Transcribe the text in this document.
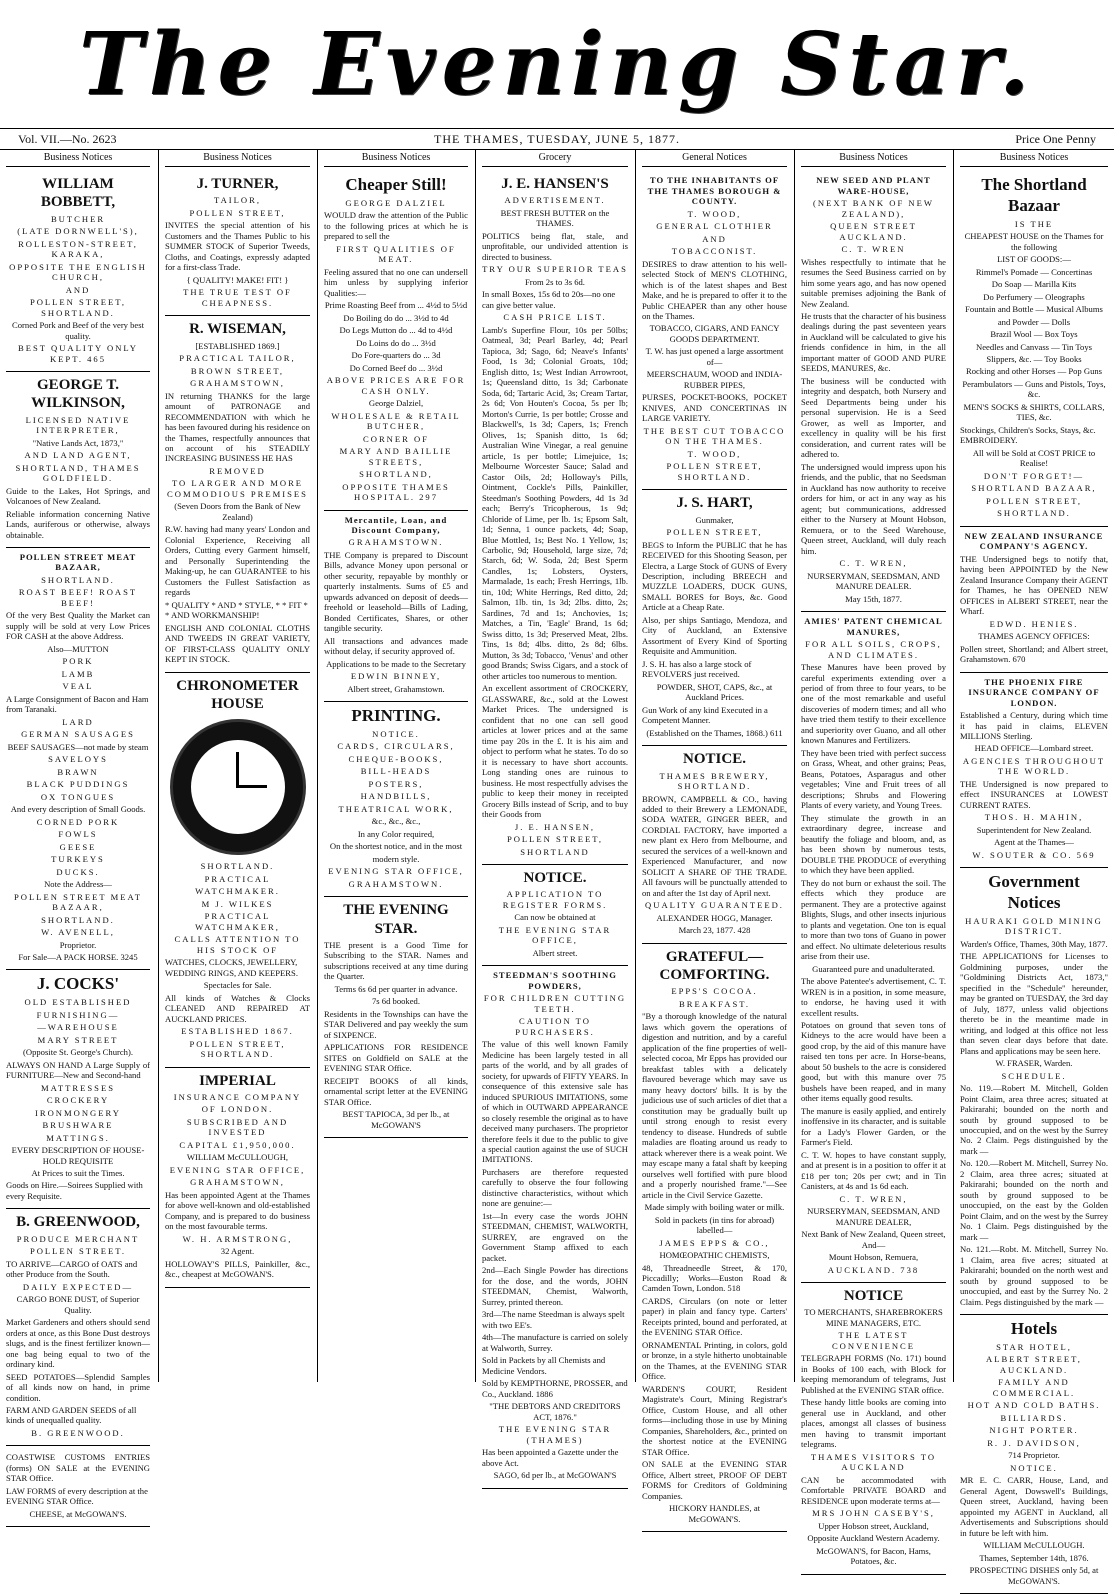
The Evening Star.
Vol. VII.—No. 2623	THE THAMES, TUESDAY, JUNE 5, 1877.	Price One Penny
Business Notices
WILLIAM BOBBETT,

BUTCHER

(LATE DORNWELL'S),

ROLLESTON-STREET, KARAKA,

OPPOSITE THE ENGLISH CHURCH,

AND

POLLEN STREET, SHORTLAND.

Corned Pork and Beef of the very best quality.

BEST QUALITY ONLY KEPT. 465

GEORGE T. WILKINSON,

LICENSED NATIVE INTERPRETER,

"Native Lands Act, 1873,"

AND LAND AGENT,

SHORTLAND, THAMES GOLDFIELD.

Guide to the Lakes, Hot Springs, and Volcanoes of New Zealand.

Reliable information concerning Native Lands, auriferous or otherwise, always obtainable.

POLLEN STREET MEAT BAZAAR,

SHORTLAND.

ROAST BEEF! ROAST BEEF!

Of the very Best Quality the Market can supply will be sold at very Low Prices FOR CASH at the above Address.

Also—MUTTON

PORK

LAMB

VEAL

A Large Consignment of Bacon and Ham from Taranaki.

LARD

GERMAN SAUSAGES

BEEF SAUSAGES—not made by steam

SAVELOYS

BRAWN

BLACK PUDDINGS

OX TONGUES

And every description of Small Goods.

CORNED PORK

FOWLS

GEESE

TURKEYS

DUCKS.

Note the Address—

POLLEN STREET MEAT BAZAAR,

SHORTLAND.

W. AVENELL,

Proprietor.

For Sale—A PACK HORSE. 3245

J. COCKS'

OLD ESTABLISHED

FURNISHING—

—WAREHOUSE

MARY STREET

(Opposite St. George's Church).

ALWAYS ON HAND A Large Supply of FURNITURE—New and Second-hand

MATTRESSES

CROCKERY

IRONMONGERY

BRUSHWARE

MATTINGS.

EVERY DESCRIPTION OF HOUSE-HOLD REQUISITE

At Prices to suit the Times.

Goods on Hire.—Soirees Supplied with every Requisite.

B. GREENWOOD,

PRODUCE MERCHANT

POLLEN STREET.

TO ARRIVE—CARGO of OATS and other Produce from the South.

DAILY EXPECTED—

CARGO BONE DUST, of Superior Quality.

Market Gardeners and others should send orders at once, as this Bone Dust destroys slugs, and is the finest fertilizer known—one bag being equal to two of the ordinary kind.

SEED POTATOES—Splendid Samples of all kinds now on hand, in prime condition.

FARM AND GARDEN SEEDS of all kinds of unequalled quality.

B. GREENWOOD.

COASTWISE CUSTOMS ENTRIES (forms) ON SALE at the EVENING STAR Office.

LAW FORMS of every description at the EVENING STAR Office.

CHEESE, at McGOWAN'S.

Business Notices
J. TURNER,

TAILOR,

POLLEN STREET,

INVITES the special attention of his Customers and the Thames Public to his SUMMER STOCK of Superior Tweeds, Cloths, and Coatings, expressly adapted for a first-class Trade.

{ QUALITY! MAKE! FIT! }

THE TRUE TEST OF CHEAPNESS.

R. WISEMAN,

[ESTABLISHED 1869.]

PRACTICAL TAILOR,

BROWN STREET,

GRAHAMSTOWN,

IN returning THANKS for the large amount of PATRONAGE and RECOMMENDATION with which he has been favoured during his residence on the Thames, respectfully announces that on account of his STEADILY INCREASING BUSINESS HE HAS

REMOVED

TO LARGER AND MORE COMMODIOUS PREMISES

(Seven Doors from the Bank of New Zealand)

R.W. having had many years' London and Colonial Experience, Receiving all Orders, Cutting every Garment himself, and Personally Superintending the Making-up, he can GUARANTEE to his Customers the Fullest Satisfaction as regards

* QUALITY * AND * STYLE, * * FIT * * AND WORKMANSHIP!

ENGLISH AND COLONIAL CLOTHS AND TWEEDS IN GREAT VARIETY, OF FIRST-CLASS QUALITY ONLY KEPT IN STOCK.

CHRONOMETER HOUSE

SHORTLAND.

PRACTICAL

WATCHMAKER.

M J. WILKES

PRACTICAL WATCHMAKER,

CALLS ATTENTION TO HIS STOCK OF

WATCHES, CLOCKS, JEWELLERY, WEDDING RINGS, AND KEEPERS.

Spectacles for Sale.

All kinds of Watches & Clocks CLEANED AND REPAIRED AT AUCKLAND PRICES.

ESTABLISHED 1867.

POLLEN STREET, SHORTLAND.

IMPERIAL

INSURANCE COMPANY

OF LONDON.

SUBSCRIBED AND INVESTED

CAPITAL £1,950,000.

WILLIAM McCULLOUGH,

EVENING STAR OFFICE,

GRAHAMSTOWN,

Has been appointed Agent at the Thames for above well-known and old-established Company, and is prepared to do business on the most favourable terms.

W. H. ARMSTRONG,

32 Agent.

HOLLOWAY'S PILLS, Painkiller, &c., &c., cheapest at McGOWAN'S.

Business Notices
Cheaper Still!

GEORGE DALZIEL

WOULD draw the attention of the Public to the following prices at which he is prepared to sell the

FIRST QUALITIES OF MEAT.

Feeling assured that no one can undersell him unless by supplying inferior Qualities:—

Prime Roasting Beef from ... 4½d to 5½d

Do Boiling do do ... 3½d to 4d

Do Legs Mutton do ... 4d to 4½d

Do Loins do do ... 3½d

Do Fore-quarters do ... 3d

Do Corned Beef do ... 3½d

ABOVE PRICES ARE FOR CASH ONLY.

George Dalziel,

WHOLESALE & RETAIL BUTCHER,

CORNER OF

MARY AND BAILLIE STREETS,

SHORTLAND,

OPPOSITE THAMES HOSPITAL. 297

Mercantile, Loan, and Discount Company,

GRAHAMSTOWN.

THE Company is prepared to Discount Bills, advance Money upon personal or other security, repayable by monthly or quarterly instalments. Sums of £5 and upwards advanced on deposit of deeds—freehold or leasehold—Bills of Lading, Bonded Certificates, Shares, or other tangible security.

All transactions and advances made without delay, if security approved of.

Applications to be made to the Secretary

EDWIN BINNEY,

Albert street, Grahamstown.

PRINTING.

NOTICE.

CARDS, CIRCULARS,

CHEQUE-BOOKS,

BILL-HEADS

POSTERS,

HANDBILLS,

THEATRICAL WORK,

&c., &c., &c.,

In any Color required,

On the shortest notice, and in the most

modern style.

EVENING STAR OFFICE,

GRAHAMSTOWN.

THE EVENING STAR.

THE present is a Good Time for Subscribing to the STAR. Names and subscriptions received at any time during the Quarter.

Terms 6s 6d per quarter in advance.

7s 6d booked.

Residents in the Townships can have the STAR Delivered and pay weekly the sum of SIXPENCE.

APPLICATIONS FOR RESIDENCE SITES on Goldfield on SALE at the EVENING STAR Office.

RECEIPT BOOKS of all kinds, ornamental script letter at the EVENING STAR Office.

BEST TAPIOCA, 3d per lb., at McGOWAN'S

Grocery
J. E. HANSEN'S

ADVERTISEMENT.

BEST FRESH BUTTER on the THAMES.

POLITICS being flat, stale, and unprofitable, our undivided attention is directed to business.

TRY OUR SUPERIOR TEAS

From 2s to 3s 6d.

In small Boxes, 15s 6d to 20s—no one can give better value.

CASH PRICE LIST.

Lamb's Superfine Flour, 10s per 50lbs; Oatmeal, 3d; Pearl Barley, 4d; Pearl Tapioca, 3d; Sago, 6d; Neave's Infants' Food, 1s 3d; Colonial Groats, 10d; English ditto, 1s; West Indian Arrowroot, 1s; Queensland ditto, 1s 3d; Carbonate Soda, 6d; Tartaric Acid, 3s; Cream Tartar, 2s 6d; Von Houten's Cocoa, 5s per lb; Morton's Currie, 1s per bottle; Crosse and Blackwell's, 1s 3d; Capers, 1s; French Olives, 1s; Spanish ditto, 1s 6d; Australian Wine Vinegar, a real genuine article, 1s per bottle; Limejuice, 1s; Melbourne Worcester Sauce; Salad and Castor Oils, 2d; Holloway's Pills, Ointment, Cockle's Pills, Painkiller, Steedman's Soothing Powders, 4d 1s 3d each; Berry's Tricopherous, 1s 9d; Chloride of Lime, per lb. 1s; Epsom Salt, 1d; Senna, 1 ounce packets, 4d; Soap, Blue Mottled, 1s; Best No. 1 Yellow, 1s; Carbolic, 9d; Household, large size, 7d; Starch, 6d; W. Soda, 2d; Best Sperm Candles, 1s; Lobsters, Oysters, Marmalade, 1s each; Fresh Herrings, 1lb. tin, 10d; White Herrings, Red ditto, 2d; Salmon, 1lb. tin, 1s 3d; 2lbs. ditto, 2s; Sardines, 7d and 1s; Anchovies, 1s; Matches, a Tin, 'Eagle' Brand, 1s 6d; Swiss ditto, 1s 3d; Preserved Meat, 2lbs. Tins, 1s 8d; 4lbs. ditto, 2s 8d; 6lbs. Mutton, 3s 3d; Tobacco, 'Venus' and other good Brands; Swiss Cigars, and a stock of other articles too numerous to mention.

An excellent assortment of CROCKERY, GLASSWARE, &c., sold at the Lowest Market Prices. The undersigned is confident that no one can sell good articles at lower prices and at the same time pay 20s in the £. It is his aim and object to perform what he states. To do so it is necessary to have short accounts. Long standing ones are ruinous to business. He most respectfully advises the public to keep their money in receipted Grocery Bills instead of Scrip, and to buy their Goods from

J. E. HANSEN,

POLLEN STREET,

SHORTLAND

NOTICE.

APPLICATION TO REGISTER FORMS.

Can now be obtained at

THE EVENING STAR OFFICE,

Albert street.

STEEDMAN'S SOOTHING POWDERS,

FOR CHILDREN CUTTING TEETH.

CAUTION TO PURCHASERS.

The value of this well known Family Medicine has been largely tested in all parts of the world, and by all grades of society, for upwards of FIFTY YEARS. In consequence of this extensive sale has induced SPURIOUS IMITATIONS, some of which in OUTWARD APPEARANCE so closely resemble the original as to have deceived many purchasers. The proprietor therefore feels it due to the public to give a special caution against the use of SUCH IMITATIONS.

Purchasers are therefore requested carefully to observe the four following distinctive characteristics, without which none are genuine:—

1st—In every case the words JOHN STEEDMAN, CHEMIST, WALWORTH, SURREY, are engraved on the Government Stamp affixed to each packet.

2nd—Each Single Powder has directions for the dose, and the words, JOHN STEEDMAN, Chemist, Walworth, Surrey, printed thereon.

3rd—The name Steedman is always spelt with two EE's.

4th—The manufacture is carried on solely at Walworth, Surrey.

Sold in Packets by all Chemists and Medicine Vendors.

Sold by KEMPTHORNE, PROSSER, and Co., Auckland. 1886

"THE DEBTORS AND CREDITORS ACT, 1876."

THE EVENING STAR (THAMES)

Has been appointed a Gazette under the above Act.

SAGO, 6d per lb., at McGOWAN'S

General Notices
TO THE INHABITANTS OF THE THAMES BOROUGH & COUNTY.

T. WOOD,

GENERAL CLOTHIER

AND

TOBACCONIST.

DESIRES to draw attention to his well-selected Stock of MEN'S CLOTHING, which is of the latest shapes and Best Make, and he is prepared to offer it to the Public CHEAPER than any other house on the Thames.

TOBACCO, CIGARS, AND FANCY GOODS DEPARTMENT.

T. W. has just opened a large assortment of—

MEERSCHAUM, WOOD and INDIA-RUBBER PIPES,

PURSES, POCKET-BOOKS, POCKET KNIVES, AND CONCERTINAS IN LARGE VARIETY.

THE BEST CUT TOBACCO ON THE THAMES.

T. WOOD,

POLLEN STREET, SHORTLAND.

J. S. HART,

Gunmaker,

POLLEN STREET,

BEGS to Inform the PUBLIC that he has RECEIVED for this Shooting Season, per Electra, a Large Stock of GUNS of Every Description, including BREECH and MUZZLE LOADERS, DUCK GUNS, SMALL BORES for Boys, &c. Good Article at a Cheap Rate.

Also, per ships Santiago, Mendoza, and City of Auckland, an Extensive Assortment of Every Kind of Sporting Requisite and Ammunition.

J. S. H. has also a large stock of REVOLVERS just received.

POWDER, SHOT, CAPS, &c., at Auckland Prices.

Gun Work of any kind Executed in a Competent Manner.

(Established on the Thames, 1868.) 611

NOTICE.

THAMES BREWERY, SHORTLAND.

BROWN, CAMPBELL & CO., having added to their Brewery a LEMONADE, SODA WATER, GINGER BEER, and CORDIAL FACTORY, have imported a new plant ex Hero from Melbourne, and secured the services of a well-known and Experienced Manufacturer, and now SOLICIT A SHARE OF THE TRADE. All favours will be punctually attended to on and after the 1st day of April next.

QUALITY GUARANTEED.

ALEXANDER HOGG, Manager.

March 23, 1877. 428

GRATEFUL—COMFORTING.

EPPS'S COCOA.

BREAKFAST.

"By a thorough knowledge of the natural laws which govern the operations of digestion and nutrition, and by a careful application of the fine properties of well-selected cocoa, Mr Epps has provided our breakfast tables with a delicately flavoured beverage which may save us many heavy doctors' bills. It is by the judicious use of such articles of diet that a constitution may be gradually built up until strong enough to resist every tendency to disease. Hundreds of subtle maladies are floating around us ready to attack wherever there is a weak point. We may escape many a fatal shaft by keeping ourselves well fortified with pure blood and a properly nourished frame."—See article in the Civil Service Gazette.

Made simply with boiling water or milk.

Sold in packets (in tins for abroad) labelled—

JAMES EPPS & CO.,

HOMŒOPATHIC CHEMISTS,

48, Threadneedle Street, & 170, Piccadilly; Works—Euston Road & Camden Town, London. 518

CARDS, Circulars (on note or letter paper) in plain and fancy type. Carters' Receipts printed, bound and perforated, at the EVENING STAR Office.

ORNAMENTAL Printing, in colors, gold or bronze, in a style hitherto unobtainable on the Thames, at the EVENING STAR Office.

WARDEN'S COURT, Resident Magistrate's Court, Mining Registrar's Office, Custom House, and all other forms—including those in use by Mining Companies, Shareholders, &c., printed on the shortest notice at the EVENING STAR Office.

ON SALE at the EVENING STAR Office, Albert street, PROOF OF DEBT FORMS for Creditors of Goldmining Companies.

HICKORY HANDLES, at McGOWAN'S.

Business Notices
NEW SEED AND PLANT WARE-HOUSE,

(NEXT BANK OF NEW ZEALAND),

QUEEN STREET AUCKLAND.

C. T. WREN

Wishes respectfully to intimate that he resumes the Seed Business carried on by him some years ago, and has now opened suitable premises adjoining the Bank of New Zealand.

He trusts that the character of his business dealings during the past seventeen years in Auckland will be calculated to give his friends confidence in him, in the all important matter of GOOD AND PURE SEEDS, MANURES, &c.

The business will be conducted with integrity and despatch, both Nursery and Seed Departments being under his personal supervision. He is a Seed Grower, as well as Importer, and excellency in quality will be his first consideration, and current rates will be adhered to.

The undersigned would impress upon his friends, and the public, that no Seedsman in Auckland has now authority to receive orders for him, or act in any way as his agent; but communications, addressed either to the Nursery at Mount Hobson, Remuera, or to the Seed Warehouse, Queen street, Auckland, will duly reach him.

C. T. WREN,

NURSERYMAN, SEEDSMAN, AND MANURE DEALER.

May 15th, 1877.

AMIES' PATENT CHEMICAL MANURES,

FOR ALL SOILS, CROPS, AND CLIMATES.

These Manures have been proved by careful experiments extending over a period of from three to four years, to be one of the most remarkable and useful discoveries of modern times; and all who have tried them testify to their excellence and superiority over Guano, and all other known Manures and Fertilizers.

They have been tried with perfect success on Grass, Wheat, and other grains; Peas, Beans, Potatoes, Asparagus and other vegetables; Vine and Fruit trees of all descriptions; Shrubs and Flowering Plants of every variety, and Young Trees.

They stimulate the growth in an extraordinary degree, increase and beautify the foliage and bloom, and, as has been shown by numerous tests, DOUBLE THE PRODUCE of everything to which they have been applied.

They do not burn or exhaust the soil. The effects which they produce are permanent. They are a protective against Blights, Slugs, and other insects injurious to plants and vegetation. One ton is equal to more than two tons of Guano in power and effect. No ultimate deleterious results arise from their use.

Guaranteed pure and unadulterated.

The above Patentee's advertisement, C. T. WREN is in a position, in some measure, to endorse, he having used it with excellent results.

Potatoes on ground that seven tons of Kidneys to the acre would have been a good crop, by the aid of this manure have raised ten tons per acre. In Horse-beans, about 50 bushels to the acre is considered good, but with this manure over 75 bushels have been reaped, and in many other items equally good results.

The manure is easily applied, and entirely inoffensive in its character, and is suitable for a Lady's Flower Garden, or the Farmer's Field.

C. T. W. hopes to have constant supply, and at present is in a position to offer it at £18 per ton; 20s per cwt; and in Tin Canisters, at 4s and 1s 6d each.

C. T. WREN,

NURSERYMAN, SEEDSMAN, AND MANURE DEALER,

Next Bank of New Zealand, Queen street, And—

Mount Hobson, Remuera,

AUCKLAND. 738

NOTICE

TO MERCHANTS, SHAREBROKERS MINE MANAGERS, ETC.

THE LATEST CONVENIENCE

TELEGRAPH FORMS (No. 171) bound in Books of 100 each, with Block for keeping memorandum of telegrams, Just Published at the EVENING STAR office.

These handy little books are coming into general use in Auckland, and other places, amongst all classes of business men having to transmit important telegrams.

THAMES VISITORS TO AUCKLAND

CAN be accommodated with Comfortable PRIVATE BOARD and RESIDENCE upon moderate terms at—

MRS JOHN CASEBY'S,

Upper Hobson street, Auckland,

Opposite Auckland Western Academy.

McGOWAN'S, for Bacon, Hams, Potatoes, &c.

Business Notices
The Shortland Bazaar

IS THE

CHEAPEST HOUSE on the Thames for the following

LIST OF GOODS:—

Rimmel's Pomade — Concertinas

Do Soap — Marilla Kits

Do Perfumery — Oleographs

Fountain and Bottle — Musical Albums

and Powder — Dolls

Brazil Wool — Box Toys

Needles and Canvass — Tin Toys

Slippers, &c. — Toy Books

Rocking and other Horses — Pop Guns

Perambulators — Guns and Pistols, Toys, &c.

MEN'S SOCKS & SHIRTS, COLLARS, TIES, &c.

Stockings, Children's Socks, Stays, &c. EMBROIDERY.

All will be Sold at COST PRICE to Realise!

DON'T FORGET!—

SHORTLAND BAZAAR,

POLLEN STREET,

SHORTLAND.

NEW ZEALAND INSURANCE COMPANY'S AGENCY.

THE Undersigned begs to notify that, having been APPOINTED by the New Zealand Insurance Company their AGENT for Thames, he has OPENED NEW OFFICES in ALBERT STREET, near the Wharf.

EDWD. HENIES.

THAMES AGENCY OFFICES:

Pollen street, Shortland; and Albert street, Grahamstown. 670

THE PHOENIX FIRE INSURANCE COMPANY OF LONDON.

Established a Century, during which time it has paid in claims, ELEVEN MILLIONS Sterling.

HEAD OFFICE—Lombard street.

AGENCIES THROUGHOUT THE WORLD.

THE Undersigned is now prepared to effect INSURANCES at LOWEST CURRENT RATES.

THOS. H. MAHIN,

Superintendent for New Zealand.

Agent at the Thames—

W. SOUTER & CO. 569

Government Notices

HAURAKI GOLD MINING DISTRICT.

Warden's Office, Thames, 30th May, 1877.

THE APPLICATIONS for Licenses to Goldmining purposes, under the "Goldmining Districts Act, 1873," specified in the "Schedule" hereunder, may be granted on TUESDAY, the 3rd day of July, 1877, unless valid objections thereto be in the meantime made in writing, and lodged at this office not less than seven clear days before that date. Plans and applications may be seen here.

W. FRASER, Warden.

SCHEDULE.

No. 119.—Robert M. Mitchell, Golden Point Claim, area three acres; situated at Pakirarahi; bounded on the north and south by ground supposed to be unoccupied, and on the west by the Surrey No. 2 Claim. Pegs distinguished by the mark —

No. 120.—Robert M. Mitchell, Surrey No. 2 Claim, area three acres; situated at Pakirarahi; bounded on the north and south by ground supposed to be unoccupied, on the east by the Golden Point Claim, and on the west by the Surrey No. 1 Claim. Pegs distinguished by the mark —

No. 121.—Robt. M. Mitchell, Surrey No. 1 Claim, area five acres; situated at Pakirarahi; bounded on the north west and south by ground supposed to be unoccupied, and east by the Surrey No. 2 Claim. Pegs distinguished by the mark —

Hotels

STAR HOTEL,

ALBERT STREET, AUCKLAND.

FAMILY AND COMMERCIAL.

HOT AND COLD BATHS.

BILLIARDS.

NIGHT PORTER.

R. J. DAVIDSON,

714 Proprietor.

NOTICE.

MR E. C. CARR, House, Land, and General Agent, Dowswell's Buildings, Queen street, Auckland, having been appointed my AGENT in Auckland, all Advertisements and Subscriptions should in future be left with him.

WILLIAM McCULLOUGH.

Thames, September 14th, 1876.

PROSPECTING DISHES only 5d, at McGOWAN'S.
